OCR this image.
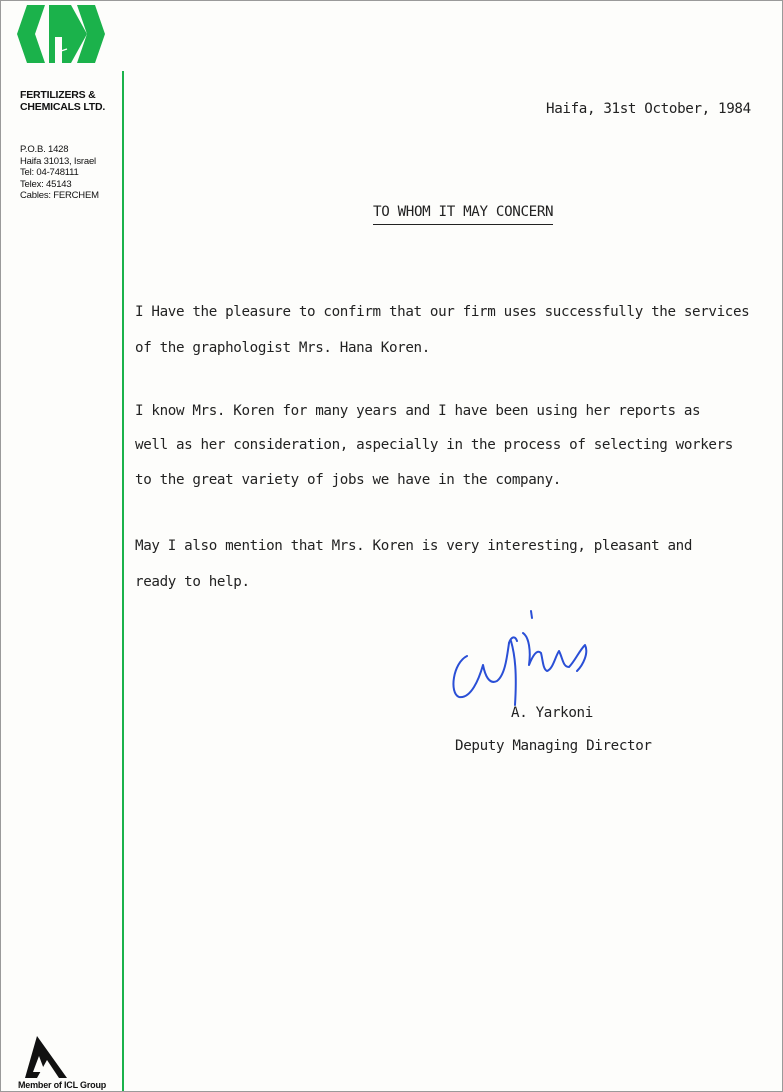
FERTILIZERS &
CHEMICALS LTD.
P.O.B. 1428
Haifa 31013, Israel
Tel: 04-748111
Telex: 45143
Cables: FERCHEM
Haifa, 31st October, 1984
TO WHOM IT MAY CONCERN
I Have the pleasure to confirm that our firm uses successfully the services
of the graphologist Mrs. Hana Koren.
I know Mrs. Koren for many years and I have been using her reports as
well as her consideration, aspecially in the process of selecting workers
to the great variety of jobs we have in the company.
May I also mention that Mrs. Koren is very interesting, pleasant and
ready to help.
A. Yarkoni
Deputy Managing Director
Member of ICL Group
